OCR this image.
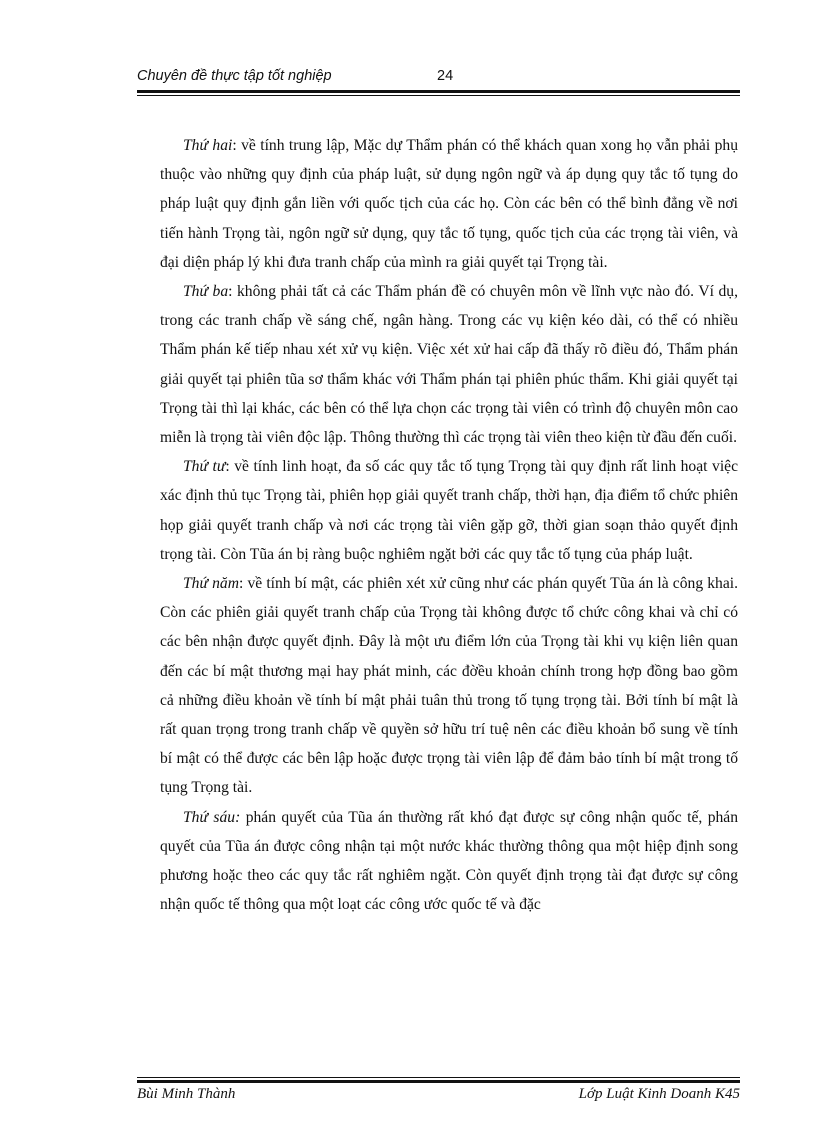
Chuyên đề thực tập tốt nghiệp	24

Thứ hai: về tính trung lập, Mặc dự Thẩm phán có thể khách quan xong họ vẫn phải phụ thuộc vào những quy định của pháp luật, sử dụng ngôn ngữ và áp dụng quy tắc tố tụng do pháp luật quy định gắn liền với quốc tịch của các họ. Còn các bên có thể bình đẳng về nơi tiến hành Trọng tài, ngôn ngữ sử dụng, quy tắc tố tụng, quốc tịch của các trọng tài viên, và đại diện pháp lý khi đưa tranh chấp của mình ra giải quyết tại Trọng tài.

Thứ ba: không phải tất cả các Thẩm phán đề có chuyên môn về lĩnh vực nào đó. Ví dụ, trong các tranh chấp về sáng chế, ngân hàng. Trong các vụ kiện kéo dài, có thể có nhiều Thẩm phán kế tiếp nhau xét xử vụ kiện. Việc xét xử hai cấp đã thấy rõ điều đó, Thẩm phán giải quyết tại phiên tũa sơ thẩm khác với Thẩm phán tại phiên phúc thẩm. Khi giải quyết tại Trọng tài thì lại khác, các bên có thể lựa chọn các trọng tài viên có trình độ chuyên môn cao miễn là trọng tài viên độc lập. Thông thường thì các trọng tài viên theo kiện từ đầu đến cuối.

Thứ tư: về tính linh hoạt, đa số các quy tắc tố tụng Trọng tài quy định rất linh hoạt việc xác định thủ tục Trọng tài, phiên họp giải quyết tranh chấp, thời hạn, địa điểm tổ chức phiên họp giải quyết tranh chấp và nơi các trọng tài viên gặp gỡ, thời gian soạn thảo quyết định trọng tài. Còn Tũa án bị ràng buộc nghiêm ngặt bởi các quy tắc tố tụng của pháp luật.

Thứ năm: về tính bí mật, các phiên xét xử cũng như các phán quyết Tũa án là công khai. Còn các phiên giải quyết tranh chấp của Trọng tài không được tổ chức công khai và chỉ có các bên nhận được quyết định. Đây là một ưu điểm lớn của Trọng tài khi vụ kiện liên quan đến các bí mật thương mại hay phát minh, các đờều khoản chính trong hợp đồng bao gồm cả những điều khoản về tính bí mật phải tuân thủ trong tố tụng trọng tài. Bởi tính bí mật là rất quan trọng trong tranh chấp về quyền sở hữu trí tuệ nên các điều khoản bổ sung về tính bí mật có thể được các bên lập hoặc được trọng tài viên lập để đảm bảo tính bí mật trong tố tụng Trọng tài.

Thứ sáu: phán quyết của Tũa án thường rất khó đạt được sự công nhận quốc tế, phán quyết của Tũa án được công nhận tại một nước khác thường thông qua một hiệp định song phương hoặc theo các quy tắc rất nghiêm ngặt. Còn quyết định trọng tài đạt được sự công nhận quốc tế thông qua một loạt các công ước quốc tế và đặc

Bùi Minh Thành	Lớp Luật Kinh Doanh K45
